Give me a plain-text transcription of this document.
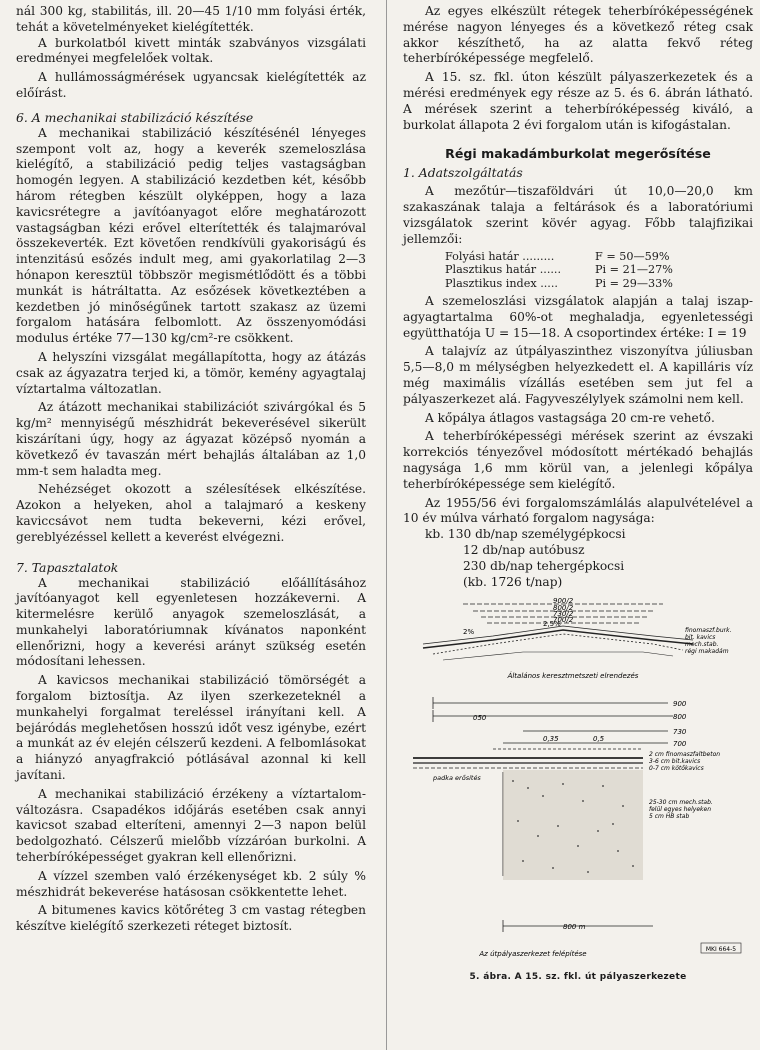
nál 300 kg, stabilitás, ill. 20—45 1/10 mm folyási érték, tehát a követelményeket kielégítették.

A burkolatból kivett minták szabványos vizsgálati eredményei megfelelőek voltak.

A hullámosságmérések ugyancsak kielégítették az előírást.

6. A mechanikai stabilizáció készítése

A mechanikai stabilizáció készítésénél lényeges szempont volt az, hogy a keverék szemeloszlása kielégítő, a stabilizáció pedig teljes vastagságban homogén legyen. A stabilizáció kezdetben két, később három rétegben készült olyképpen, hogy a laza kavicsrétegre a javítóanyagot előre meghatározott vastagságban kézi erővel elterítették és talajmaróval összekeverték. Ezt követően rendkívüli gyakoriságú és intenzitású esőzés indult meg, ami gyakorlatilag 2—3 hónapon keresztül többször megismétlődött és a többi munkát is hátráltatta. Az esőzések következtében a kezdetben jó minőségűnek tartott szakasz az üzemi forgalom hatására felbomlott. Az összenyomódási modulus értéke 77—130 kg/cm²-re csökkent.

A helyszíni vizsgálat megállapította, hogy az átázás csak az ágyazatra terjed ki, a tömör, kemény agyagtalaj víztartalma változatlan.

Az átázott mechanikai stabilizációt szivárgókal és 5 kg/m² mennyiségű mészhidrát bekeverésével sikerült kiszárítani úgy, hogy az ágyazat középső nyomán a következő év tavaszán mért behajlás általában az 1,0 mm-t sem haladta meg.

Nehézséget okozott a szélesítések elkészítése. Azokon a helyeken, ahol a talajmaró a keskeny kaviccsávot nem tudta bekeverni, kézi erővel, gereblyézéssel kellett a keverést elvégezni.

7. Tapasztalatok

A mechanikai stabilizáció előállításához javítóanyagot kell egyenletesen hozzákeverni. A kitermelésre kerülő anyagok szemeloszlását, a munkahelyi laboratóriumnak kívánatos naponként ellenőrizni, hogy a keverési arányt szükség esetén módosítani lehessen.

A kavicsos mechanikai stabilizáció tömörségét a forgalom biztosítja. Az ilyen szerkezeteknél a munkahelyi forgalmat tereléssel irányítani kell. A bejáródás meglehetősen hosszú időt vesz igénybe, ezért a munkát az év elején célszerű kezdeni. A felbomlásokat a hiányzó anyagfrakció pótlásával azonnal ki kell javítani.

A mechanikai stabilizáció érzékeny a víztartalom-változásra. Csapadékos időjárás esetében csak annyi kavicsot szabad elteríteni, amennyi 2—3 napon belül bedolgozható. Célszerű mielőbb vízzáróan burkolni. A teherbíróképességet gyakran kell ellenőrizni.

A vízzel szemben való érzékenységet kb. 2 súly % mészhidrát bekeverése hatásosan csökkentette lehet.

A bitumenes kavics kötőréteg 3 cm vastag rétegben készítve kielégítő szerkezeti réteget biztosít.

Az egyes elkészült rétegek teherbíróképességének mérése nagyon lényeges és a következő réteg csak akkor készíthető, ha az alatta fekvő réteg teherbíróképessége megfelelő.

A 15. sz. fkl. úton készült pályaszerkezetek és a mérési eredmények egy része az 5. és 6. ábrán látható. A mérések szerint a teherbíróképesség kiváló, a burkolat állapota 2 évi forgalom után is kifogástalan.

Régi makadámburkolat megerősítése
1. Adatszolgáltatás

A mezőtúr—tiszaföldvári út 10,0—20,0 km szakaszának talaja a feltárások és a laboratóriumi vizsgálatok szerint kövér agyag. Főbb talajfizikai jellemzői:

Folyási határ .........	F = 50—59%
Plasztikus határ ......	Pi = 21—27%
Plasztikus index .....	Pi = 29—33%

A szemeloszlási vizsgálatok alapján a talaj iszap-agyagtartalma 60%-ot meghaladja, egyenletességi együtthatója U = 15—18. A csoportindex értéke: I = 19

A talajvíz az útpályaszinthez viszonyítva júliusban 5,5—8,0 m mélységben helyezkedett el. A kapilláris víz még maximális vízállás esetében sem jut fel a pályaszerkezet alá. Fagyveszélylyek számolni nem kell.

A kőpálya átlagos vastagsága 20 cm-re vehető.

A teherbíróképességi mérések szerint az évszaki korrekciós tényezővel módosított mértékadó behajlás nagysága 1,6 mm körül van, a jelenlegi kőpálya teherbíróképessége sem kielégítő.

Az 1955/56 évi forgalomszámlálás alapulvételével a 10 év múlva várható forgalom nagysága:

kb. 130 db/nap személygépkocsi
12 db/nap autóbusz
230 db/nap tehergépkocsi
(kb. 1726 t/nap)
900/2
800/2
730/2
700/2
2%
2,5%
finomaszf.burk.
bit. kavics
mech.stab.
régi makadám
Általános keresztmetszeti elrendezés
900
800
730
700
050
0,35	0,5
2 cm finomaszfaltbeton
3-6 cm bit.kavics
0-7 cm kötőkavics
25-30 cm mech.stab.
felül egyes helyeken
5 cm HB stab
padka erősítés
800 m
Az útpályaszerkezet felépítése
MKI 664-5
5. ábra. A 15. sz. fkl. út pályaszerkezete
